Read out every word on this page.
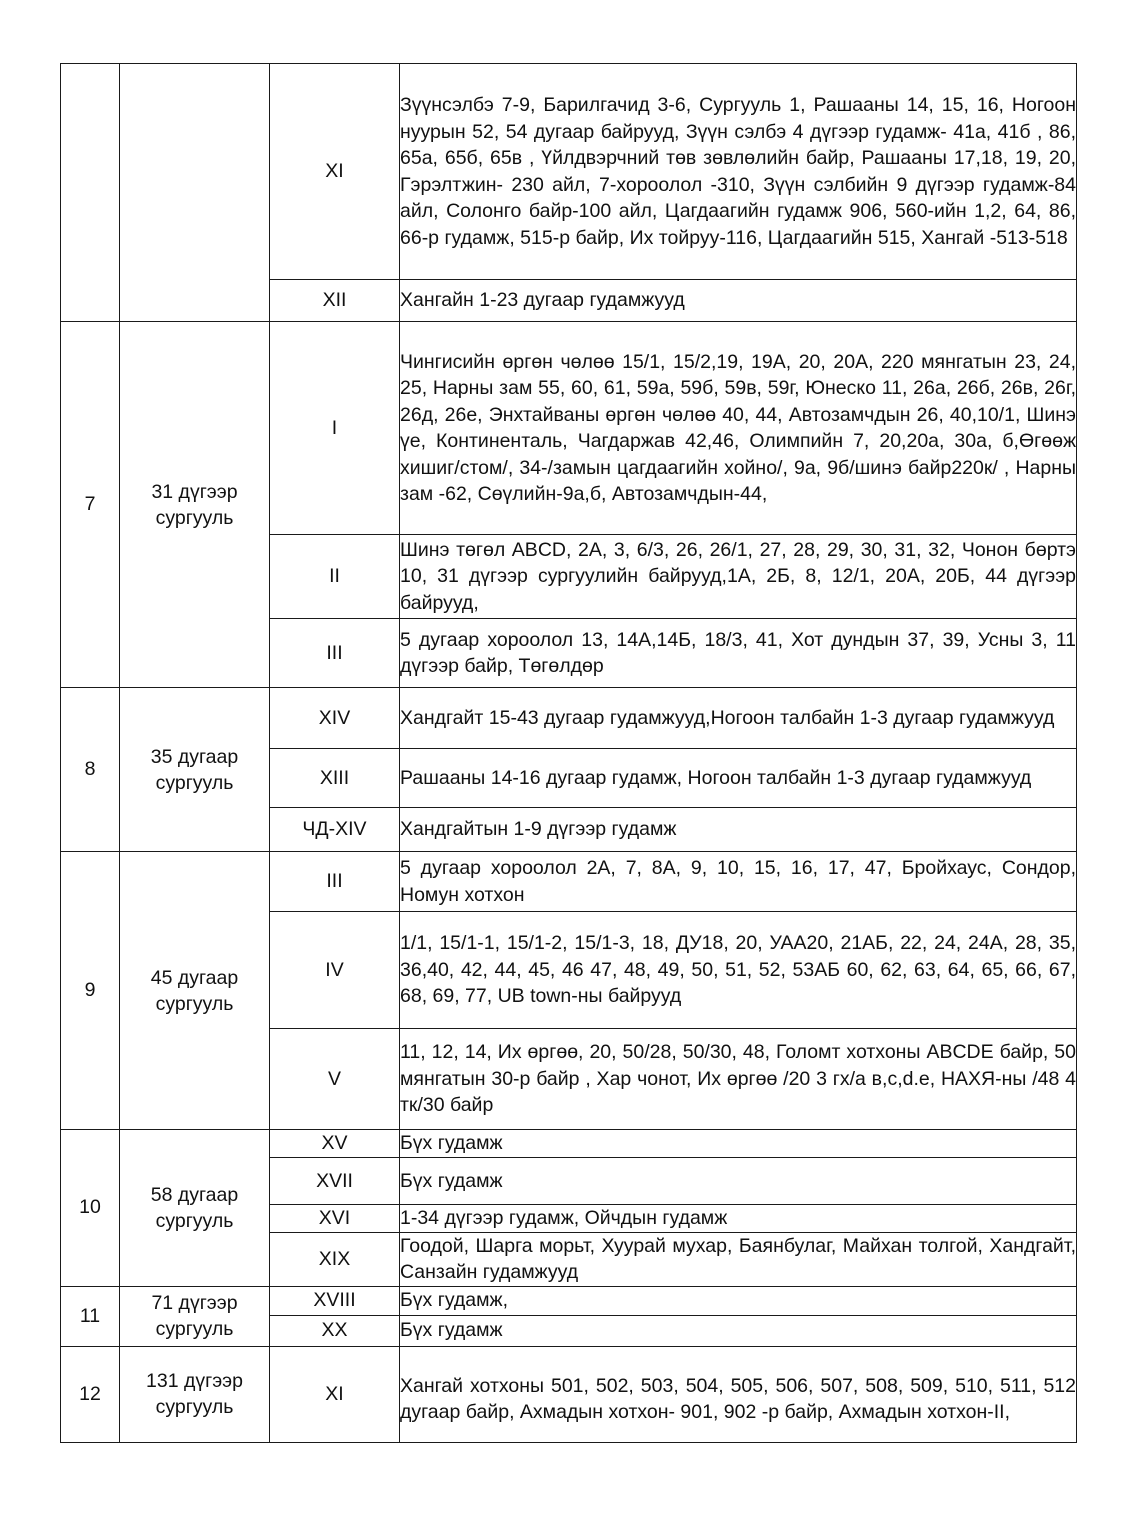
		XI	Зүүнсэлбэ 7-9, Барилгачид 3-6, Сургууль 1, Рашааны 14, 15, 16, Ногоон нуурын 52, 54 дугаар байрууд, Зүүн сэлбэ 4 дүгээр гудамж- 41а, 41б , 86, 65а, 65б, 65в , Үйлдвэрчний төв зөвлөлийн байр, Рашааны 17,18, 19, 20, Гэрэлтжин- 230 айл, 7-хороолол -310, Зүүн сэлбийн 9 дүгээр гудамж-84 айл, Солонго байр-100 айл, Цагдаагийн гудамж 906, 560-ийн 1,2, 64, 86, 66-р гудамж, 515-р байр, Их тойруу-116, Цагдаагийн 515, Хангай -513-518
		XII	Хангайн 1-23 дугаар гудамжууд
7	31 дүгээр сургууль	I	Чингисийн өргөн чөлөө 15/1, 15/2,19, 19А, 20, 20А, 220 мянгатын 23, 24, 25, Нарны зам 55, 60, 61, 59а, 59б, 59в, 59г, Юнеско 11, 26а, 26б, 26в, 26г, 26д, 26е, Энхтайваны өргөн чөлөө 40, 44, Автозамчдын 26, 40,10/1, Шинэ үе, Континенталь, Чагдаржав 42,46, Олимпийн 7, 20,20а, 30а, б,Өгөөж хишиг/стом/, 34-/замын цагдаагийн хойно/, 9а, 9б/шинэ байр220к/ , Нарны зам -62, Сөүлийн-9а,б, Автозамчдын-44,
		II	Шинэ төгөл ABCD, 2А, 3, 6/3, 26, 26/1, 27, 28, 29, 30, 31, 32, Чонон бөртэ 10, 31 дүгээр сургуулийн байрууд,1А, 2Б, 8, 12/1, 20А, 20Б, 44 дүгээр байрууд,
		III	5 дугаар хороолол 13, 14А,14Б, 18/3, 41, Хот дундын 37, 39, Усны 3, 11 дүгээр байр, Төгөлдөр
8	35 дугаар сургууль	XIV	Хандгайт 15-43 дугаар гудамжууд,Ногоон талбайн 1-3 дугаар гудамжууд
		XIII	Рашааны 14-16 дугаар гудамж, Ногоон талбайн 1-3 дугаар гудамжууд
		ЧД-XIV	Хандгайтын 1-9 дүгээр гудамж
9	45 дугаар сургууль	III	5 дугаар хороолол 2А, 7, 8А, 9, 10, 15, 16, 17, 47, Бройхаус, Сондор, Номун хотхон
		IV	1/1, 15/1-1, 15/1-2, 15/1-3, 18, ДУ18, 20, УАА20, 21АБ, 22, 24, 24А, 28, 35, 36,40, 42, 44, 45, 46 47, 48, 49, 50, 51, 52, 53АБ 60, 62, 63, 64, 65, 66, 67, 68, 69, 77, UB town-ны байрууд
		V	11, 12, 14, Их өргөө, 20, 50/28, 50/30, 48, Голомт хотхоны ABCDE байр, 50 мянгатын 30-р байр , Хар чонот, Их өргөө /20 3 гх/а в,c,d.e, НАХЯ-ны /48 4 тк/30 байр
10	58 дугаар сургууль	XV	Бүх гудамж
		XVII	Бүх гудамж
		XVI	1-34 дүгээр гудамж, Ойчдын гудамж
		XIX	Гоодой, Шарга морьт, Хуурай мухар, Баянбулаг, Майхан толгой, Хандгайт, Санзайн гудамжууд
11	71 дүгээр сургууль	XVIII	Бүх гудамж,
		XX	Бүх гудамж
12	131 дүгээр сургууль	XI	Хангай хотхоны 501, 502, 503, 504, 505, 506, 507, 508, 509, 510, 511, 512 дугаар байр, Ахмадын хотхон- 901, 902 -р байр, Ахмадын хотхон-II,
